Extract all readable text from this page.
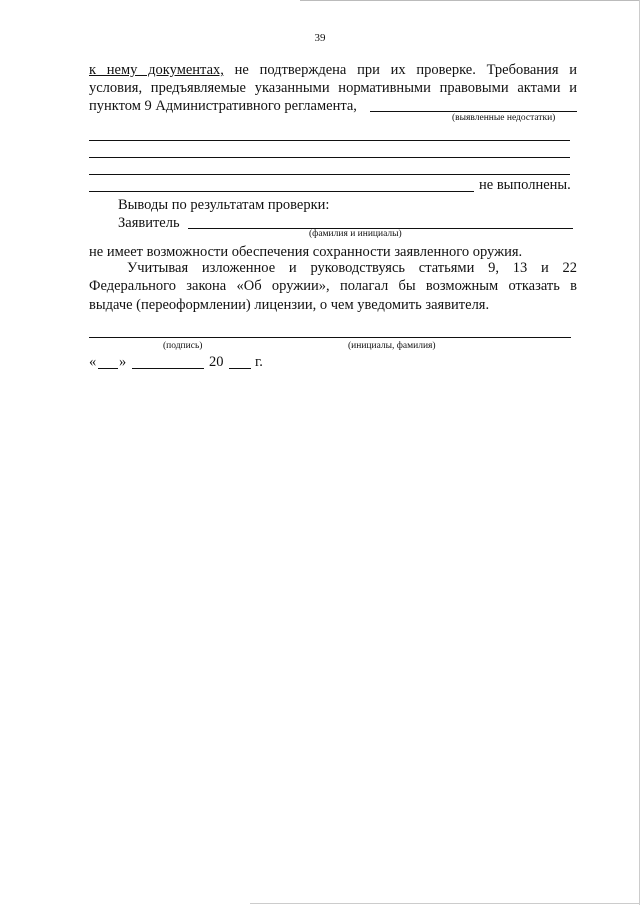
39
к нему документах, не подтверждена при их проверке. Требования и
условия, предъявляемые указанными нормативными правовыми актами и
пунктом 9 Административного регламента,
(выявленные недостатки)
не выполнены.
Выводы по результатам проверки:
Заявитель
(фамилия и инициалы)
не имеет возможности обеспечения сохранности заявленного оружия.
Учитывая изложенное и руководствуясь статьями 9, 13 и 22
Федерального закона «Об оружии», полагал бы возможным отказать в
выдаче (переоформлении) лицензии, о чем уведомить заявителя.
(подпись)	(инициалы, фамилия)
« »	20 г.
